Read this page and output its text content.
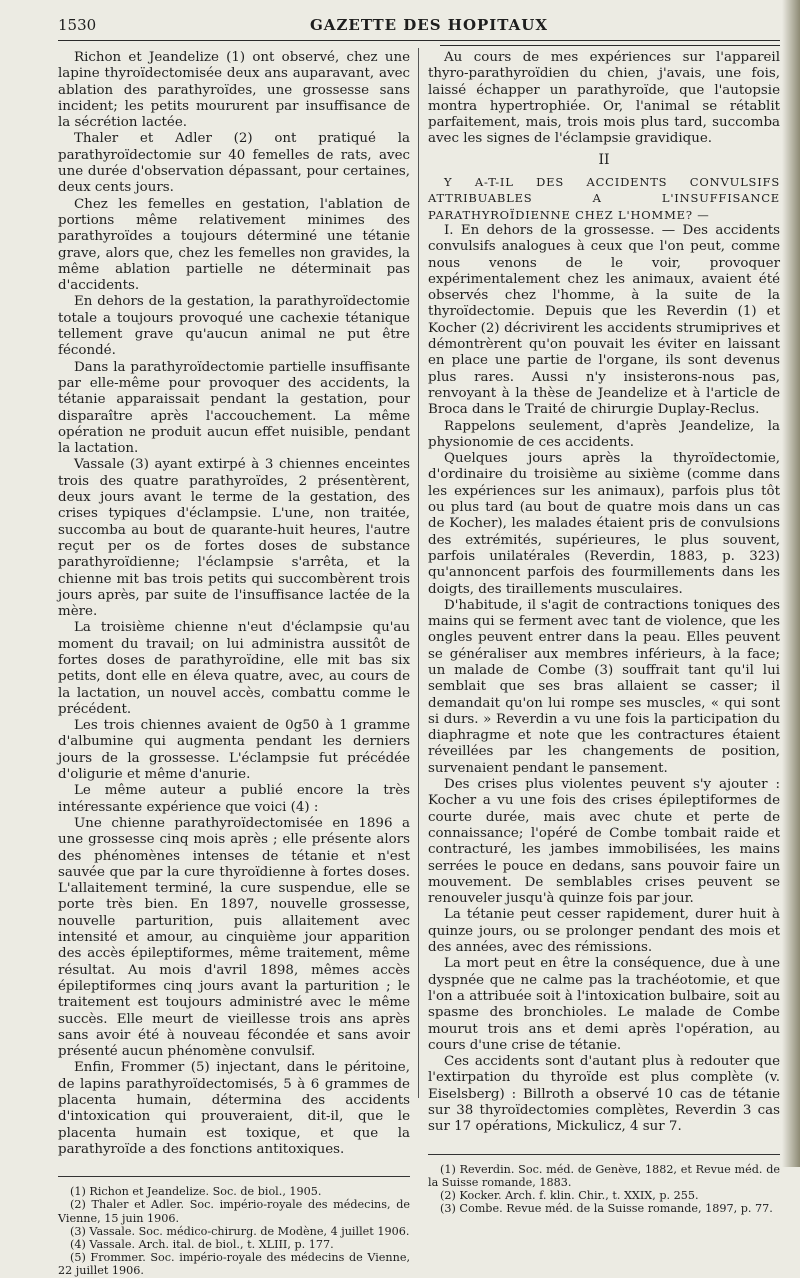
1530	GAZETTE DES HOPITAUX

Richon et Jeandelize (1) ont observé, chez une lapine thyroïdectomisée deux ans auparavant, avec ablation des parathyroïdes, une grossesse sans incident; les petits moururent par insuffisance de la sécrétion lactée.

Thaler et Adler (2) ont pratiqué la parathyroïdectomie sur 40 femelles de rats, avec une durée d'observation dépassant, pour certaines, deux cents jours.

Chez les femelles en gestation, l'ablation de portions même relativement minimes des parathyroïdes a toujours déterminé une tétanie grave, alors que, chez les femelles non gravides, la même ablation partielle ne déterminait pas d'accidents.

En dehors de la gestation, la parathyroïdectomie totale a toujours provoqué une cachexie tétanique tellement grave qu'aucun animal ne put être fécondé.

Dans la parathyroïdectomie partielle insuffisante par elle-même pour provoquer des accidents, la tétanie apparaissait pendant la gestation, pour disparaître après l'accouchement. La même opération ne produit aucun effet nuisible, pendant la lactation.

Vassale (3) ayant extirpé à 3 chiennes enceintes trois des quatre parathyroïdes, 2 présentèrent, deux jours avant le terme de la gestation, des crises typiques d'éclampsie. L'une, non traitée, succomba au bout de quarante-huit heures, l'autre reçut per os de fortes doses de substance parathyroïdienne; l'éclampsie s'arrêta, et la chienne mit bas trois petits qui succombèrent trois jours après, par suite de l'insuffisance lactée de la mère.

La troisième chienne n'eut d'éclampsie qu'au moment du travail; on lui administra aussitôt de fortes doses de parathyroïdine, elle mit bas six petits, dont elle en éleva quatre, avec, au cours de la lactation, un nouvel accès, combattu comme le précédent.

Les trois chiennes avaient de 0g50 à 1 gramme d'albumine qui augmenta pendant les derniers jours de la grossesse. L'éclampsie fut précédée d'oligurie et même d'anurie.

Le même auteur a publié encore la très intéressante expérience que voici (4) :

Une chienne parathyroïdectomisée en 1896 a une grossesse cinq mois après ; elle présente alors des phénomènes intenses de tétanie et n'est sauvée que par la cure thyroïdienne à fortes doses. L'allaitement terminé, la cure suspendue, elle se porte très bien. En 1897, nouvelle grossesse, nouvelle parturition, puis allaitement avec intensité et amour, au cinquième jour apparition des accès épileptiformes, même traitement, même résultat. Au mois d'avril 1898, mêmes accès épileptiformes cinq jours avant la parturition ; le traitement est toujours administré avec le même succès. Elle meurt de vieillesse trois ans après sans avoir été à nouveau fécondée et sans avoir présenté aucun phénomène convulsif.

Enfin, Frommer (5) injectant, dans le péritoine, de lapins parathyroïdectomisés, 5 à 6 grammes de placenta humain, détermina des accidents d'intoxication qui prouveraient, dit-il, que le placenta humain est toxique, et que la parathyroïde a des fonctions antitoxiques.

(1) Richon et Jeandelize. Soc. de biol., 1905.

(2) Thaler et Adler. Soc. império-royale des médecins, de Vienne, 15 juin 1906.

(3) Vassale. Soc. médico-chirurg. de Modène, 4 juillet 1906.

(4) Vassale. Arch. ital. de biol., t. XLIII, p. 177.

(5) Frommer. Soc. império-royale des médecins de Vienne, 22 juillet 1906.

Au cours de mes expériences sur l'appareil thyro-parathyroïdien du chien, j'avais, une fois, laissé échapper un parathyroïde, que l'autopsie montra hypertrophiée. Or, l'animal se rétablit parfaitement, mais, trois mois plus tard, succomba avec les signes de l'éclampsie gravidique.

II

Y A-T-IL DES ACCIDENTS CONVULSIFS ATTRIBUABLES A L'INSUFFISANCE PARATHYROÏDIENNE CHEZ L'HOMME? —

I. En dehors de la grossesse. — Des accidents convulsifs analogues à ceux que l'on peut, comme nous venons de le voir, provoquer expérimentalement chez les animaux, avaient été observés chez l'homme, à la suite de la thyroïdectomie. Depuis que les Reverdin (1) et Kocher (2) décrivirent les accidents strumiprives et démontrèrent qu'on pouvait les éviter en laissant en place une partie de l'organe, ils sont devenus plus rares. Aussi n'y insisterons-nous pas, renvoyant à la thèse de Jeandelize et à l'article de Broca dans le Traité de chirurgie Duplay-Reclus.

Rappelons seulement, d'après Jeandelize, la physionomie de ces accidents.

Quelques jours après la thyroïdectomie, d'ordinaire du troisième au sixième (comme dans les expériences sur les animaux), parfois plus tôt ou plus tard (au bout de quatre mois dans un cas de Kocher), les malades étaient pris de convulsions des extrémités, supérieures, le plus souvent, parfois unilatérales (Reverdin, 1883, p. 323) qu'annoncent parfois des fourmillements dans les doigts, des tiraillements musculaires.

D'habitude, il s'agit de contractions toniques des mains qui se ferment avec tant de violence, que les ongles peuvent entrer dans la peau. Elles peuvent se généraliser aux membres inférieurs, à la face; un malade de Combe (3) souffrait tant qu'il lui semblait que ses bras allaient se casser; il demandait qu'on lui rompe ses muscles, « qui sont si durs. » Reverdin a vu une fois la participation du diaphragme et note que les contractures étaient réveillées par les changements de position, survenaient pendant le pansement.

Des crises plus violentes peuvent s'y ajouter : Kocher a vu une fois des crises épileptiformes de courte durée, mais avec chute et perte de connaissance; l'opéré de Combe tombait raide et contracturé, les jambes immobilisées, les mains serrées le pouce en dedans, sans pouvoir faire un mouvement. De semblables crises peuvent se renouveler jusqu'à quinze fois par jour.

La tétanie peut cesser rapidement, durer huit à quinze jours, ou se prolonger pendant des mois et des années, avec des rémissions.

La mort peut en être la conséquence, due à une dyspnée que ne calme pas la trachéotomie, et que l'on a attribuée soit à l'intoxication bulbaire, soit au spasme des bronchioles. Le malade de Combe mourut trois ans et demi après l'opération, au cours d'une crise de tétanie.

Ces accidents sont d'autant plus à redouter que l'extirpation du thyroïde est plus complète (v. Eiselsberg) : Billroth a observé 10 cas de tétanie sur 38 thyroïdectomies complètes, Reverdin 3 cas sur 17 opérations, Mickulicz, 4 sur 7.

(1) Reverdin. Soc. méd. de Genève, 1882, et Revue méd. de la Suisse romande, 1883.

(2) Kocker. Arch. f. klin. Chir., t. XXIX, p. 255.

(3) Combe. Revue méd. de la Suisse romande, 1897, p. 77.
